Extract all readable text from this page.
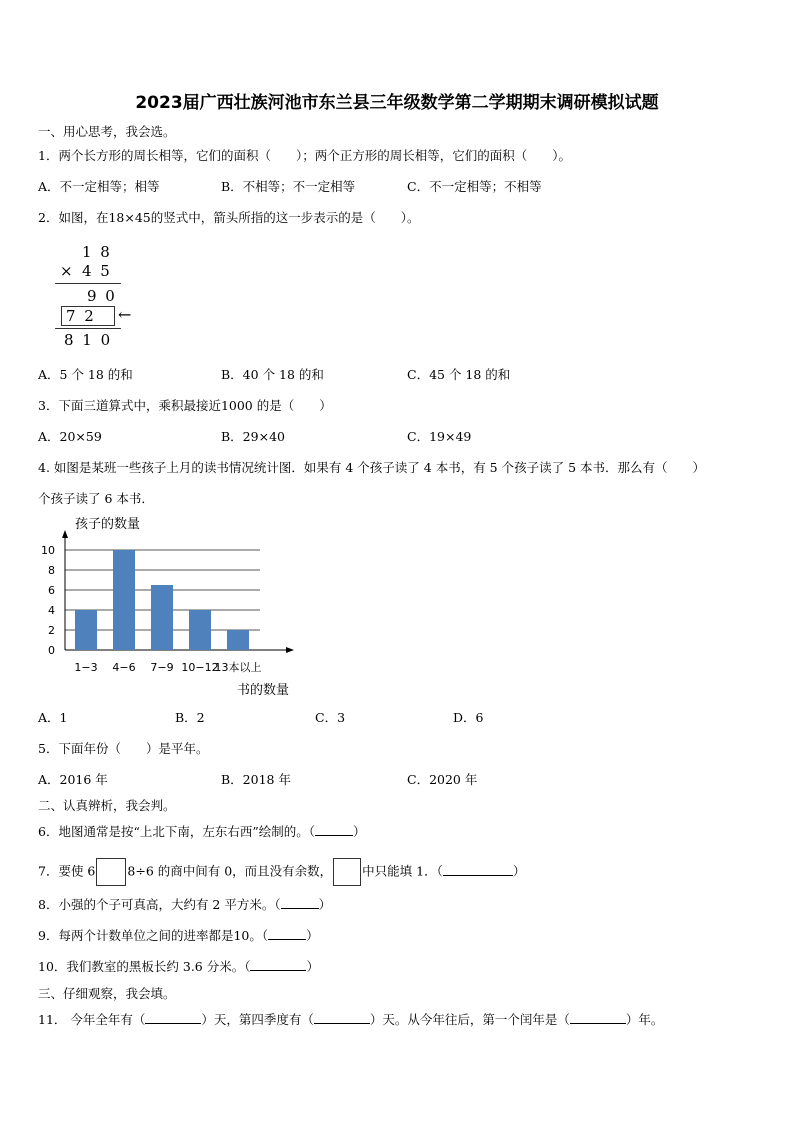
2023届广西壮族河池市东兰县三年级数学第二学期期末调研模拟试题
一、用心思考，我会选。
1．两个长方形的周长相等，它们的面积（　　）；两个正方形的周长相等，它们的面积（　　）。
A．不一定相等；相等	B．不相等；不一定相等	C．不一定相等；不相等
2．如图，在18×45的竖式中，箭头所指的这一步表示的是（　　）。
1 8
× 4 5
9 0
7 2 ←
8 1 0
A．5 个 18 的和	B．40 个 18 的和	C．45 个 18 的和
3．下面三道算式中，乘积最接近1000 的是（　　）
A．20×59	B．29×40	C．19×49
4. 如图是某班一些孩子上月的读书情况统计图．如果有 4 个孩子读了 4 本书，有 5 个孩子读了 5 本书．那么有（　　）
个孩子读了 6 本书．
0
2
4
6
8
10
1−3 4−6 7−9 10−12
13本以上
孩子的数量
书的数量
A．1	B．2	C．3	D．6
5．下面年份（　　）是平年。
A．2016 年	B．2018 年	C．2020 年
二、认真辨析，我会判。
6．地图通常是按“上北下南，左东右西”绘制的。（	）
7．要使 6	8÷6 的商中间有 0，而且没有余数， 中只能填 1．（	）
8．小强的个子可真高，大约有 2 平方米。（	）
9．每两个计数单位之间的进率都是10。（	）
10．我们教室的黑板长约 3.6 分米。（	）
三、仔细观察，我会填。
11． 今年全年有（	）天，第四季度有（	）天。从今年往后，第一个闰年是（	）年。
